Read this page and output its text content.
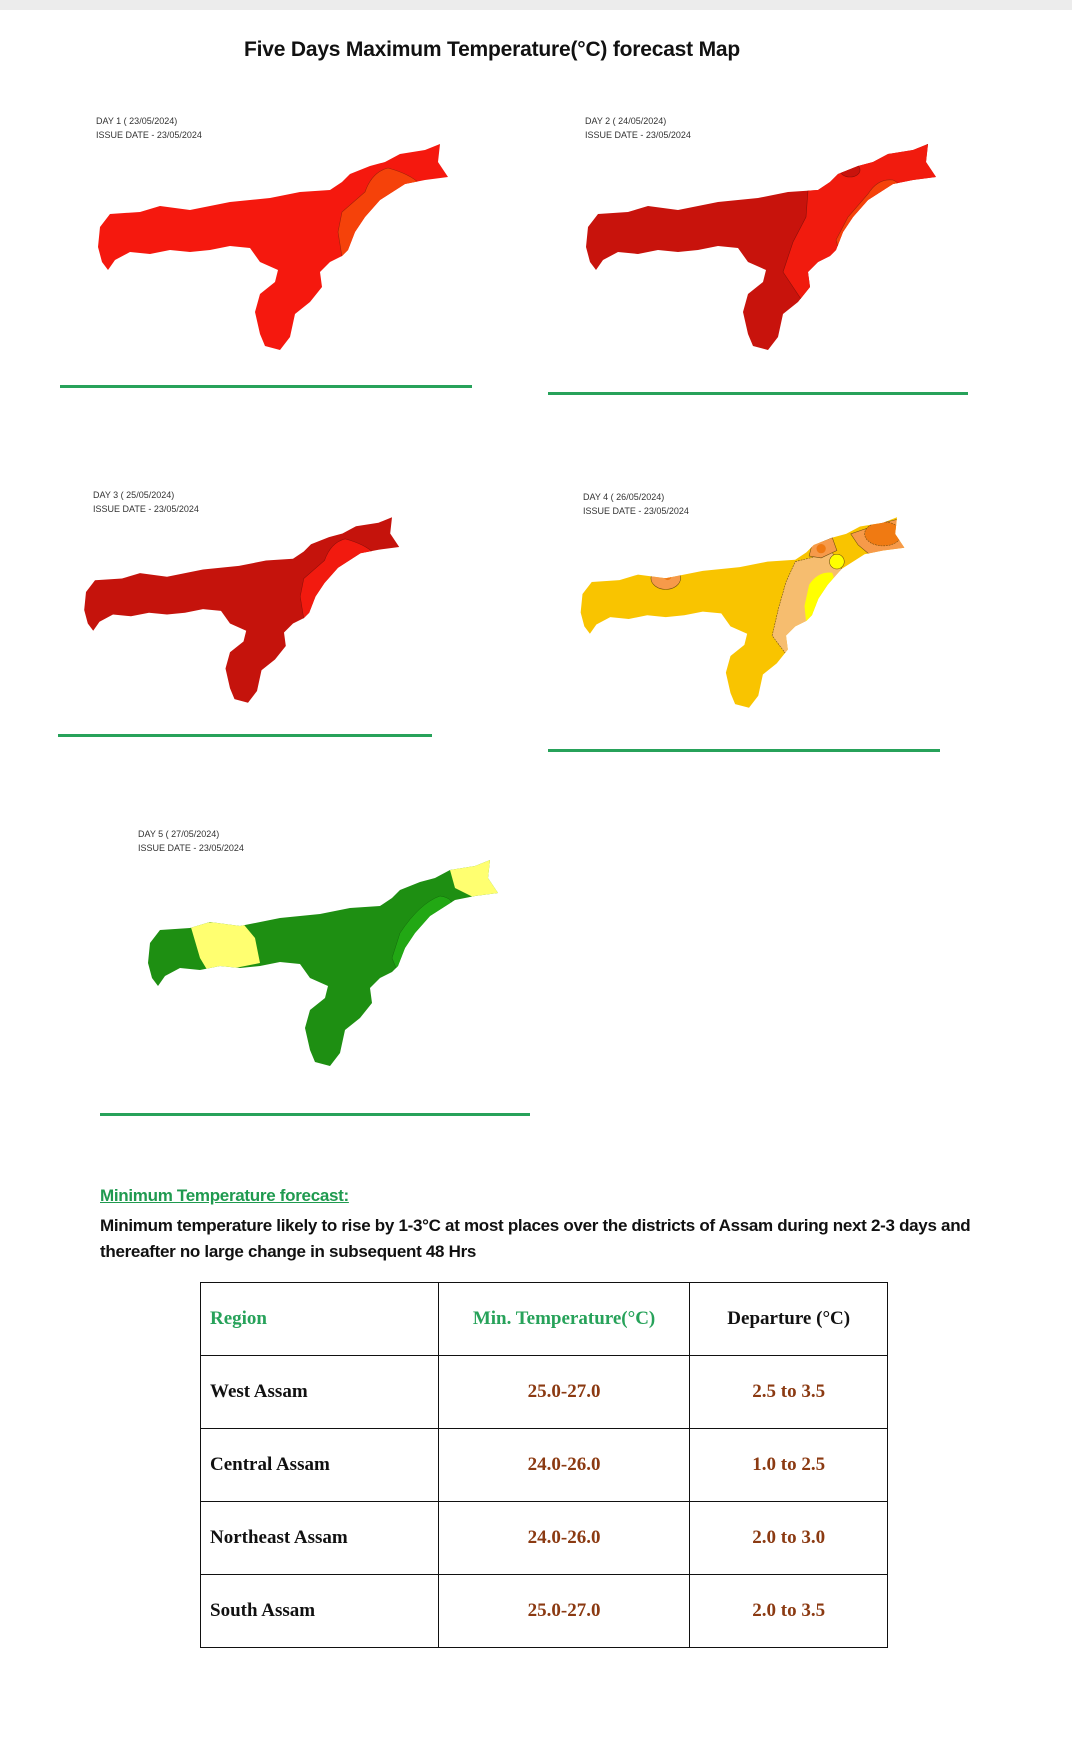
Five Days Maximum Temperature(°C) forecast Map
DAY 1 ( 23/05/2024)
ISSUE DATE - 23/05/2024
DAY 2 ( 24/05/2024)
ISSUE DATE - 23/05/2024
DAY 3 ( 25/05/2024)
ISSUE DATE - 23/05/2024
DAY 4 ( 26/05/2024)
ISSUE DATE - 23/05/2024
DAY 5 ( 27/05/2024)
ISSUE DATE - 23/05/2024
Minimum Temperature forecast:
Minimum temperature likely to rise by 1-3°C at most places over the districts of Assam during next 2-3 days and thereafter no large change in subsequent 48 Hrs
Region	Min. Temperature(°C)	Departure (°C)
West Assam	25.0-27.0	2.5 to 3.5
Central Assam	24.0-26.0	1.0 to 2.5
Northeast Assam	24.0-26.0	2.0 to 3.0
South Assam	25.0-27.0	2.0 to 3.5
